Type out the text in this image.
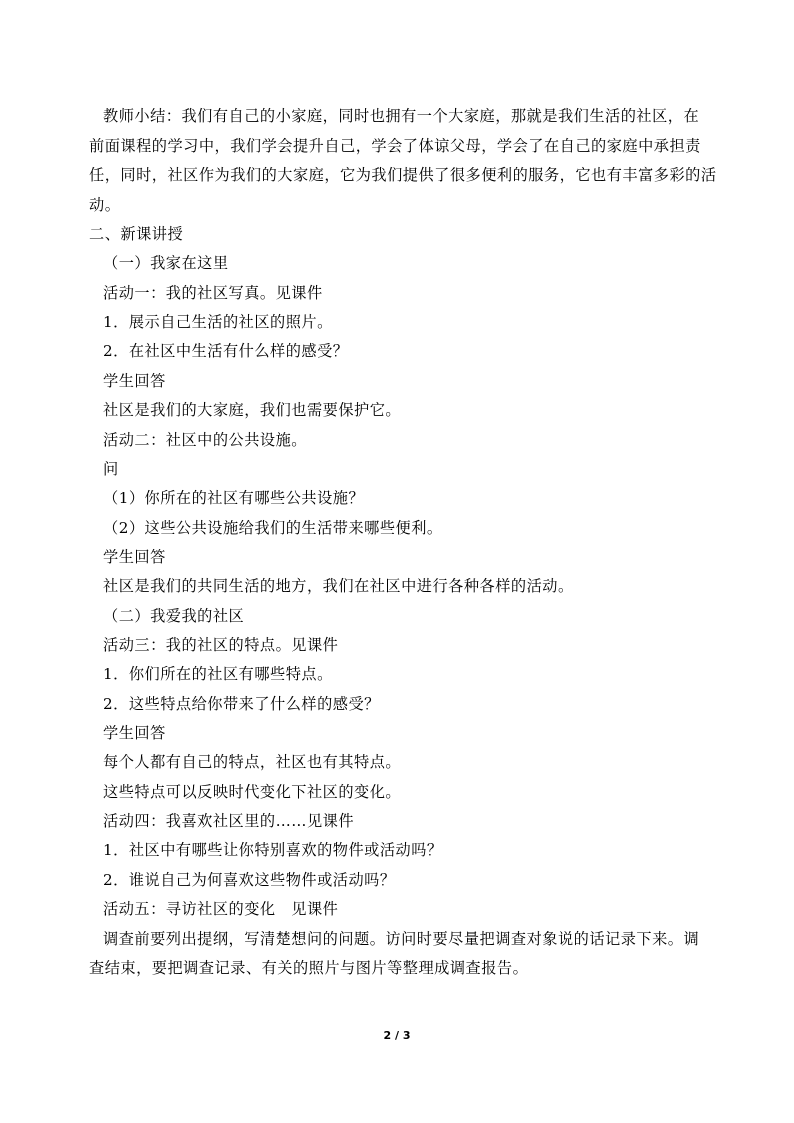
教师小结：我们有自己的小家庭，同时也拥有一个大家庭，那就是我们生活的社区，在
前面课程的学习中，我们学会提升自己，学会了体谅父母，学会了在自己的家庭中承担责
任，同时，社区作为我们的大家庭，它为我们提供了很多便利的服务，它也有丰富多彩的活
动。
二、新课讲授
（一）我家在这里
活动一：我的社区写真。见课件
1．展示自己生活的社区的照片。
2．在社区中生活有什么样的感受？
学生回答
社区是我们的大家庭，我们也需要保护它。
活动二：社区中的公共设施。
问
（1）你所在的社区有哪些公共设施？
（2）这些公共设施给我们的生活带来哪些便利。
学生回答
社区是我们的共同生活的地方，我们在社区中进行各种各样的活动。
（二）我爱我的社区
活动三：我的社区的特点。见课件
1．你们所在的社区有哪些特点。
2．这些特点给你带来了什么样的感受？
学生回答
每个人都有自己的特点，社区也有其特点。
这些特点可以反映时代变化下社区的变化。
活动四：我喜欢社区里的……见课件
1．社区中有哪些让你特别喜欢的物件或活动吗？
2．谁说自己为何喜欢这些物件或活动吗？
活动五：寻访社区的变化　见课件
调查前要列出提纲，写清楚想问的问题。访问时要尽量把调查对象说的话记录下来。调
查结束，要把调查记录、有关的照片与图片等整理成调查报告。
2 / 3
